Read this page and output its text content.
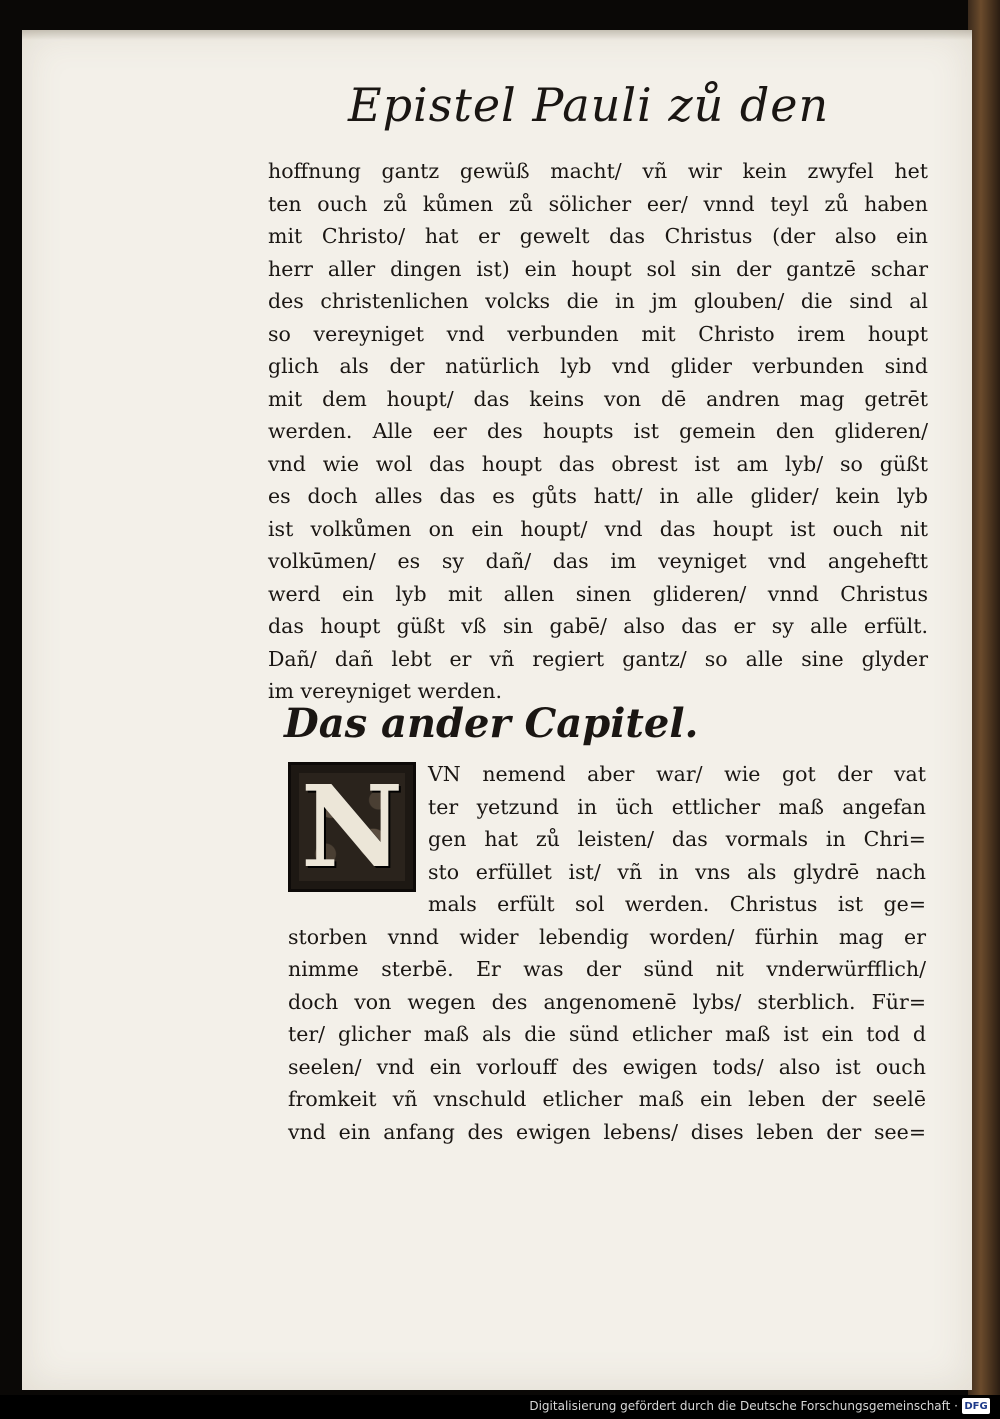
Epistel Pauli zů den
hoffnung gantz gewüß macht/ vñ wir kein zwyfel het
ten ouch zů kůmen zů sölicher eer/ vnnd teyl zů haben
mit Christo/ hat er gewelt das Christus (der also ein
herr aller dingen ist) ein houpt sol sin der gantzē schar
des christenlichen volcks die in jm glouben/ die sind al
so vereyniget vnd verbunden mit Christo irem houpt
glich als der natürlich lyb vnd glider verbunden sind
mit dem houpt/ das keins von dē andren mag getrēt
werden. Alle eer des houpts ist gemein den glideren/
vnd wie wol das houpt das obrest ist am lyb/ so güßt
es doch alles das es gůts hatt/ in alle glider/ kein lyb
ist volkůmen on ein houpt/ vnd das houpt ist ouch nit
volkūmen/ es sy dañ/ das im veyniget vnd angeheftt
werd ein lyb mit allen sinen glideren/ vnnd Christus
das houpt güßt vß sin gabē/ also das er sy alle erfült.
Dañ/ dañ lebt er vñ regiert gantz/ so alle sine glyder
im vereyniget werden.
Das ander Capitel.
N	VN nemend aber war/ wie got der vat
ter yetzund in üch ettlicher maß angefan
gen hat zů leisten/ das vormals in Chri=
sto erfüllet ist/ vñ in vns als glydrē nach
mals erfült sol werden. Christus ist ge=
storben vnnd wider lebendig worden/ fürhin mag er
nimme sterbē. Er was der sünd nit vnderwürfflich/
doch von wegen des angenomenē lybs/ sterblich. Für=
ter/ glicher maß als die sünd etlicher maß ist ein tod d
seelen/ vnd ein vorlouff des ewigen tods/ also ist ouch
fromkeit vñ vnschuld etlicher maß ein leben der seelē
vnd ein anfang des ewigen lebens/ dises leben der see=
Digitalisierung gefördert durch die Deutsche Forschungsgemeinschaft · DFG
